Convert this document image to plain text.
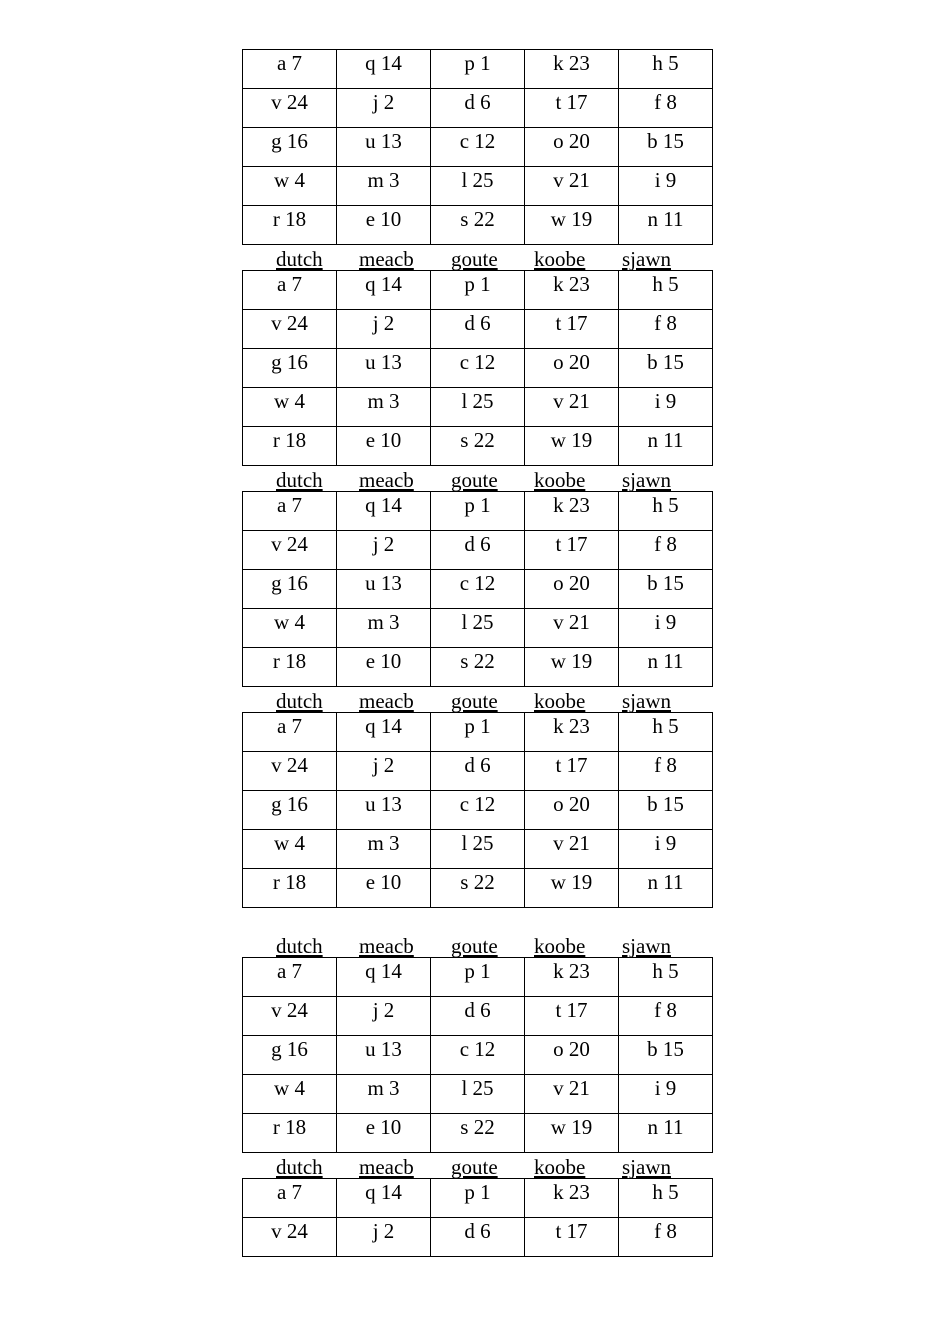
a 7	q 14	p 1	k 23	h 5
v 24	j 2	d 6	t 17	f 8
g 16	u 13	c 12	o 20	b 15
w 4	m 3	l 25	v 21	i 9
r 18	e 10	s 22	w 19	n 11
a 7	q 14	p 1	k 23	h 5
v 24	j 2	d 6	t 17	f 8
g 16	u 13	c 12	o 20	b 15
w 4	m 3	l 25	v 21	i 9
r 18	e 10	s 22	w 19	n 11
a 7	q 14	p 1	k 23	h 5
v 24	j 2	d 6	t 17	f 8
g 16	u 13	c 12	o 20	b 15
w 4	m 3	l 25	v 21	i 9
r 18	e 10	s 22	w 19	n 11
a 7	q 14	p 1	k 23	h 5
v 24	j 2	d 6	t 17	f 8
g 16	u 13	c 12	o 20	b 15
w 4	m 3	l 25	v 21	i 9
r 18	e 10	s 22	w 19	n 11
a 7	q 14	p 1	k 23	h 5
v 24	j 2	d 6	t 17	f 8
g 16	u 13	c 12	o 20	b 15
w 4	m 3	l 25	v 21	i 9
r 18	e 10	s 22	w 19	n 11
a 7	q 14	p 1	k 23	h 5
v 24	j 2	d 6	t 17	f 8
dutch meacb goute koobe sjawn
dutch meacb goute koobe sjawn
dutch meacb goute koobe sjawn
dutch meacb goute koobe sjawn
dutch meacb goute koobe sjawn
